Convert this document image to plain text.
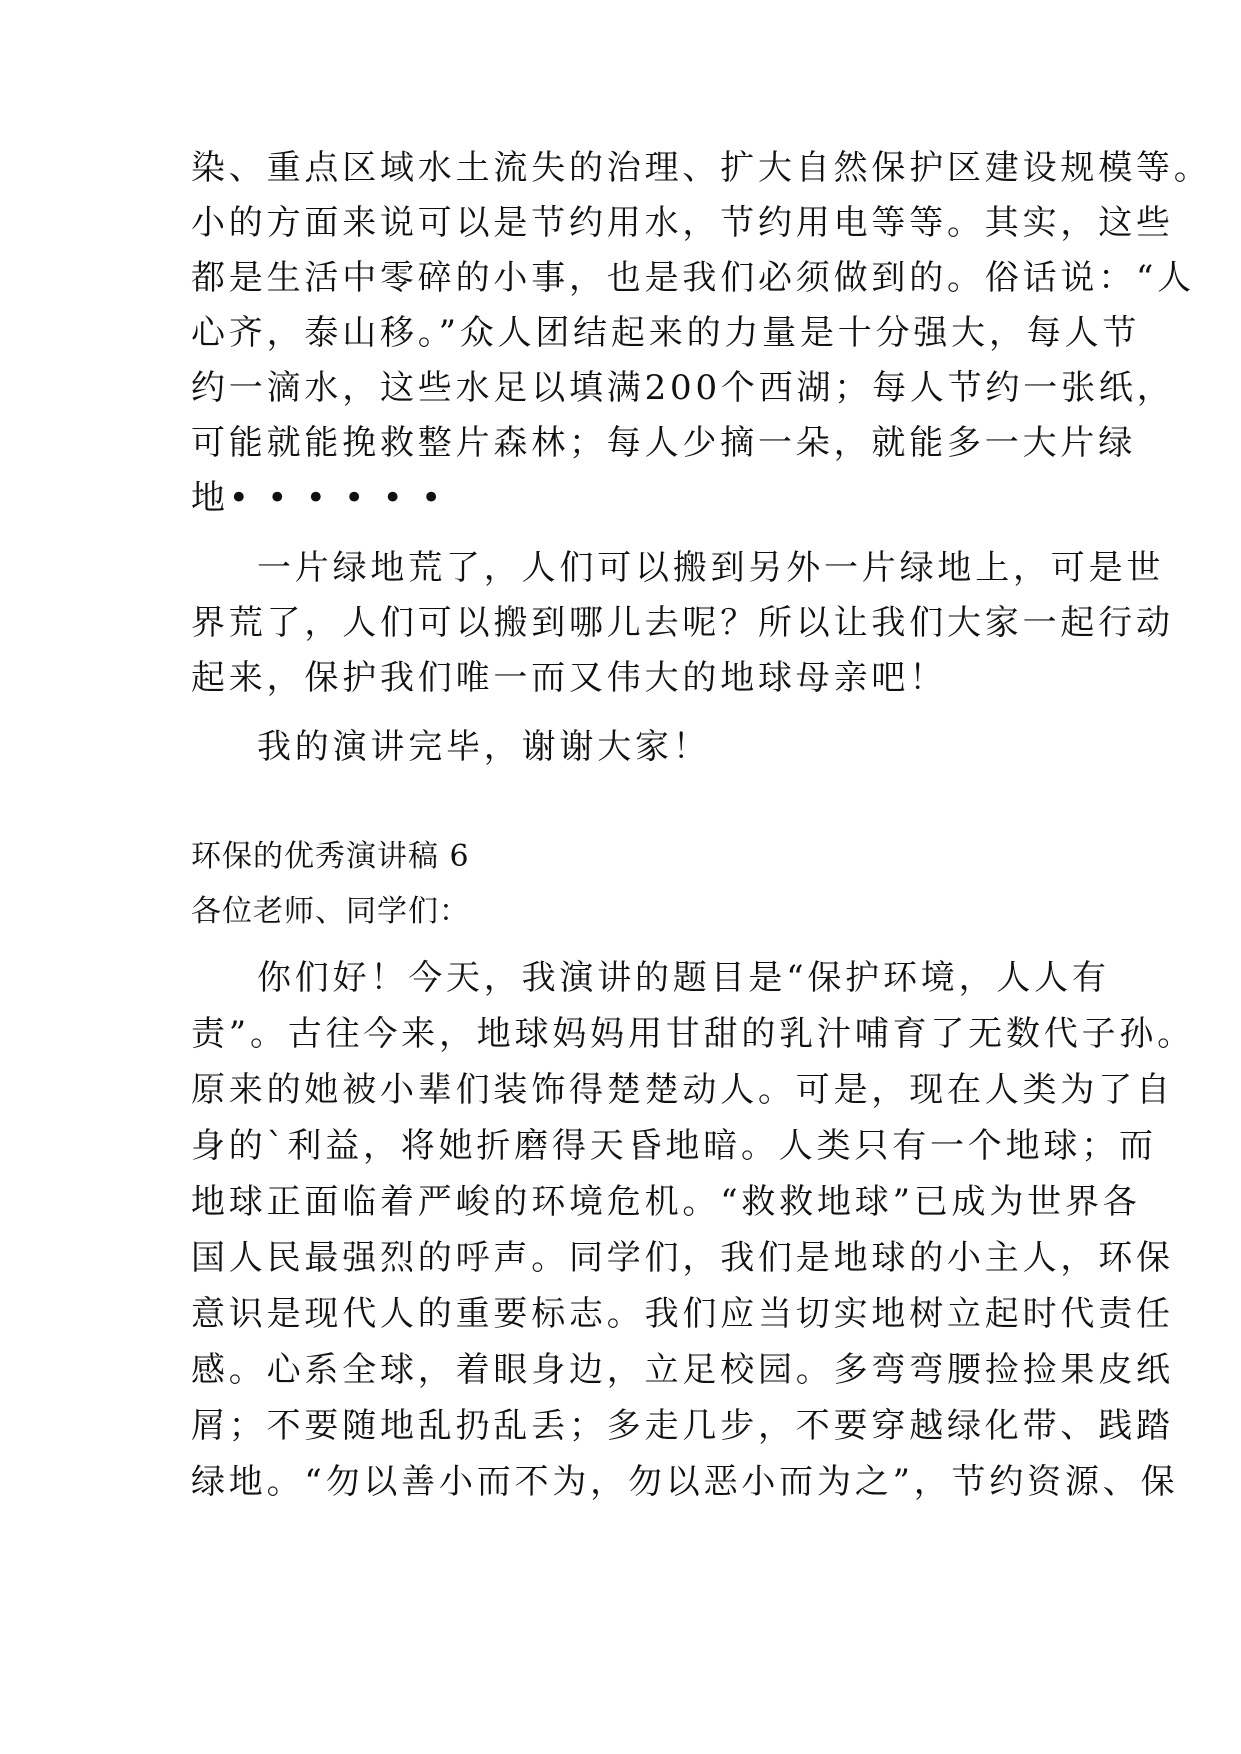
染、重点区域水土流失的治理、扩大自然保护区建设规模等。
小的方面来说可以是节约用水，节约用电等等。其实，这些
都是生活中零碎的小事，也是我们必须做到的。俗话说：“人
心齐，泰山移。”众人团结起来的力量是十分强大，每人节
约一滴水，这些水足以填满200个西湖；每人节约一张纸，
可能就能挽救整片森林；每人少摘一朵，就能多一大片绿
地• • • • • •
一片绿地荒了，人们可以搬到另外一片绿地上，可是世
界荒了，人们可以搬到哪儿去呢？所以让我们大家一起行动
起来，保护我们唯一而又伟大的地球母亲吧！
我的演讲完毕，谢谢大家！
环保的优秀演讲稿 6
各位老师、同学们：
你们好！今天，我演讲的题目是“保护环境，人人有
责”。古往今来，地球妈妈用甘甜的乳汁哺育了无数代子孙。
原来的她被小辈们装饰得楚楚动人。可是，现在人类为了自
身的`利益，将她折磨得天昏地暗。人类只有一个地球；而
地球正面临着严峻的环境危机。“救救地球”已成为世界各
国人民最强烈的呼声。同学们，我们是地球的小主人，环保
意识是现代人的重要标志。我们应当切实地树立起时代责任
感。心系全球，着眼身边，立足校园。多弯弯腰捡捡果皮纸
屑；不要随地乱扔乱丢；多走几步，不要穿越绿化带、践踏
绿地。“勿以善小而不为，勿以恶小而为之”，节约资源、保
